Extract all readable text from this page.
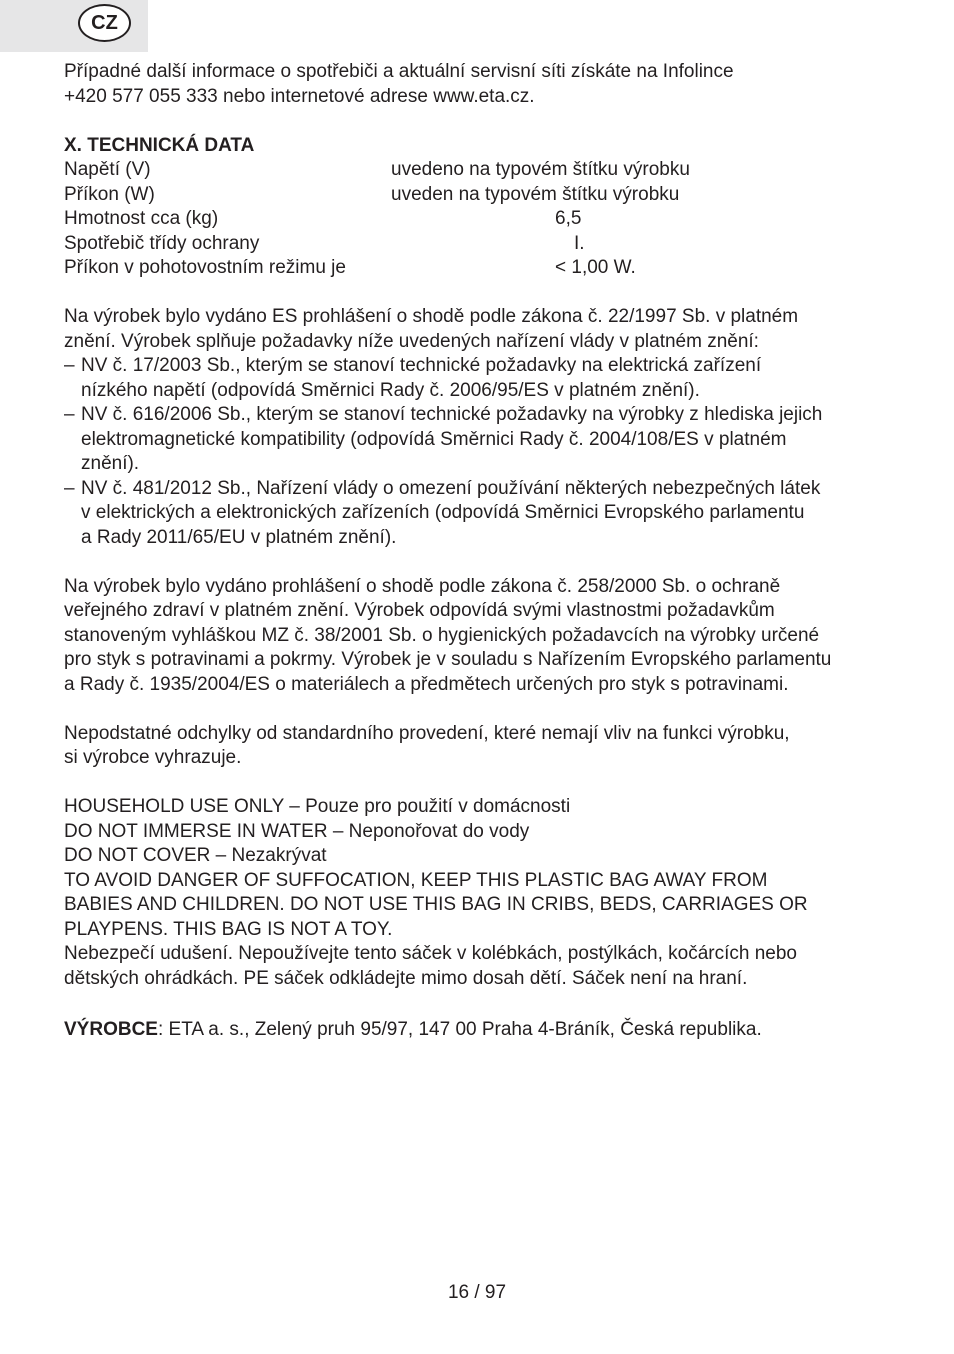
CZ

Případné další informace o spotřebiči a aktuální servisní síti získáte na Infolince

+420 577 055 333 nebo internetové adrese www.eta.cz.

X. TECHNICKÁ DATA
Napětí (V)	uvedeno na typovém štítku výrobku
Příkon (W)	uveden na typovém štítku výrobku
Hmotnost cca (kg)	6,5
Spotřebič třídy ochrany	I.
Příkon v pohotovostním režimu je	< 1,00 W.

Na výrobek bylo vydáno ES prohlášení o shodě podle zákona č. 22/1997 Sb. v platném

znění. Výrobek splňuje požadavky níže uvedených nařízení vlády v platném znění:

– NV č. 17/2003 Sb., kterým se stanoví technické požadavky na elektrická zařízení
nízkého napětí (odpovídá Směrnici Rady č. 2006/95/ES v platném znění).
– NV č. 616/2006 Sb., kterým se stanoví technické požadavky na výrobky z hlediska jejich
elektromagnetické kompatibility (odpovídá Směrnici Rady č. 2004/108/ES v platném
znění).
– NV č. 481/2012 Sb., Nařízení vlády o omezení používání některých nebezpečných látek
v elektrických a elektronických zařízeních (odpovídá Směrnici Evropského parlamentu
a Rady 2011/65/EU v platném znění).

Na výrobek bylo vydáno prohlášení o shodě podle zákona č. 258/2000 Sb. o ochraně

veřejného zdraví v platném znění. Výrobek odpovídá svými vlastnostmi požadavkům

stanoveným vyhláškou MZ č. 38/2001 Sb. o hygienických požadavcích na výrobky určené

pro styk s potravinami a pokrmy. Výrobek je v souladu s Nařízením Evropského parlamentu

a Rady č. 1935/2004/ES o materiálech a předmětech určených pro styk s potravinami.

Nepodstatné odchylky od standardního provedení, které nemají vliv na funkci výrobku,

si výrobce vyhrazuje.

HOUSEHOLD USE ONLY – Pouze pro použití v domácnosti

DO NOT IMMERSE IN WATER – Neponořovat do vody

DO NOT COVER – Nezakrývat

TO AVOID DANGER OF SUFFOCATION, KEEP THIS PLASTIC BAG AWAY FROM

BABIES AND CHILDREN. DO NOT USE THIS BAG IN CRIBS, BEDS, CARRIAGES OR

PLAYPENS. THIS BAG IS NOT A TOY.

Nebezpečí udušení. Nepoužívejte tento sáček v kolébkách, postýlkách, kočárcích nebo

dětských ohrádkách. PE sáček odkládejte mimo dosah dětí. Sáček není na hraní.

VÝROBCE: ETA a. s., Zelený pruh 95/97, 147 00 Praha 4-Bráník, Česká republika.

16 / 97
